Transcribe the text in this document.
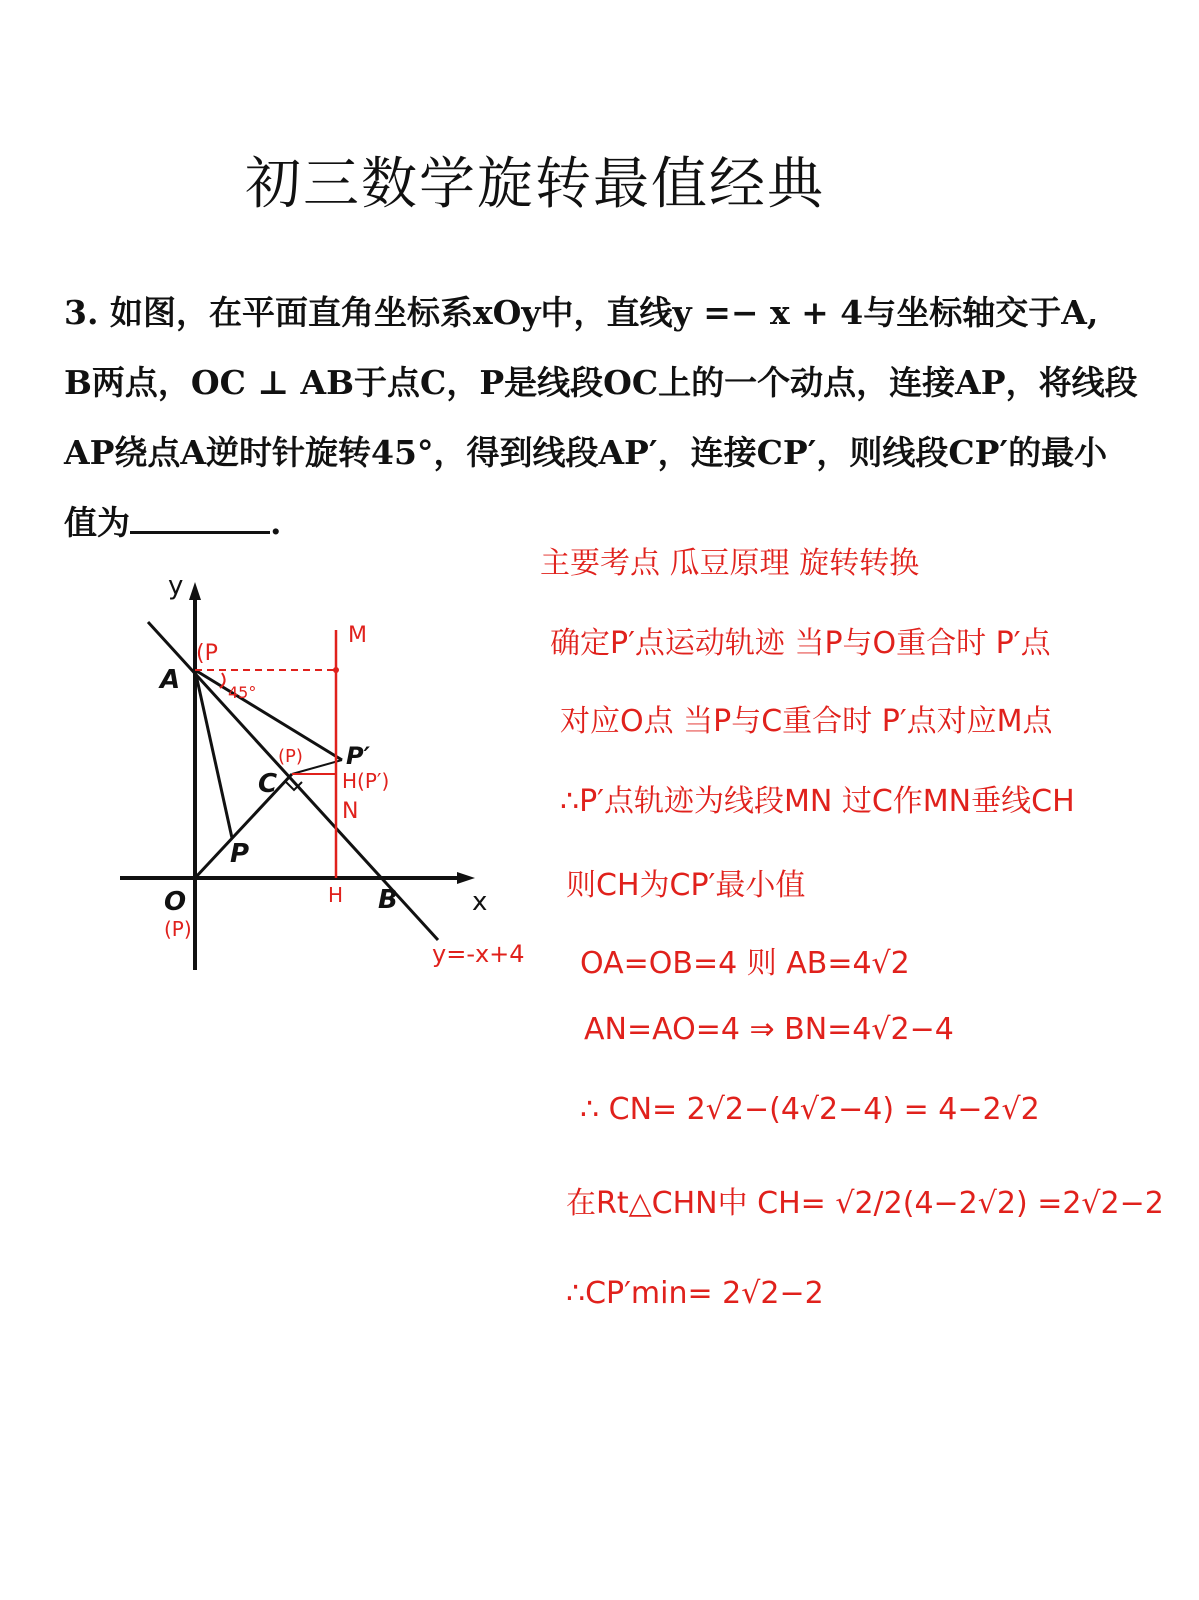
初三数学旋转最值经典
3. 如图，在平面直角坐标系xOy中，直线y =− x + 4与坐标轴交于A,
B两点，OC ⊥ AB于点C，P是线段OC上的一个动点，连接AP，将线段
AP绕点A逆时针旋转45°，得到线段AP′，连接CP′，则线段CP′的最小
值为	.
y
x
O
A
B
C
P
P′
M
N
H
H(P′)
(P
(P)
(P)
45°
y=-x+4
主要考点 瓜豆原理 旋转转换
确定P′点运动轨迹 当P与O重合时 P′点
对应O点 当P与C重合时 P′点对应M点
∴P′点轨迹为线段MN 过C作MN垂线CH
则CH为CP′最小值
OA=OB=4 则 AB=4√2
AN=AO=4 ⇒ BN=4√2−4
∴ CN= 2√2−(4√2−4) = 4−2√2
在Rt△CHN中 CH= √2/2(4−2√2) =2√2−2
∴CP′min= 2√2−2
